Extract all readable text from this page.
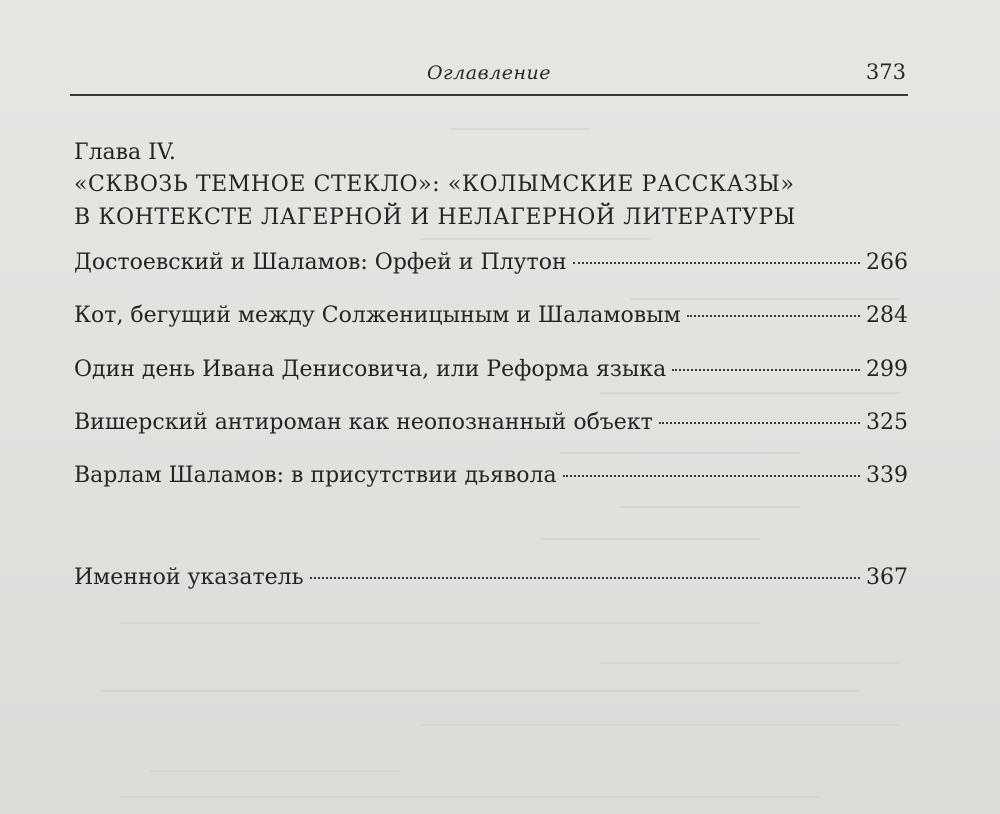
Оглавление	373
Глава IV.
«СКВОЗЬ ТЕМНОЕ СТЕКЛО»: «КОЛЫМСКИЕ РАССКАЗЫ»
В КОНТЕКСТЕ ЛАГЕРНОЙ И НЕЛАГЕРНОЙ ЛИТЕРАТУРЫ
Достоевский и Шаламов: Орфей и Плутон	266
Кот, бегущий между Солженицыным и Шаламовым	284
Один день Ивана Денисовича, или Реформа языка	299
Вишерский антироман как неопознанный объект	325
Варлам Шаламов: в присутствии дьявола	339
Именной указатель	367
